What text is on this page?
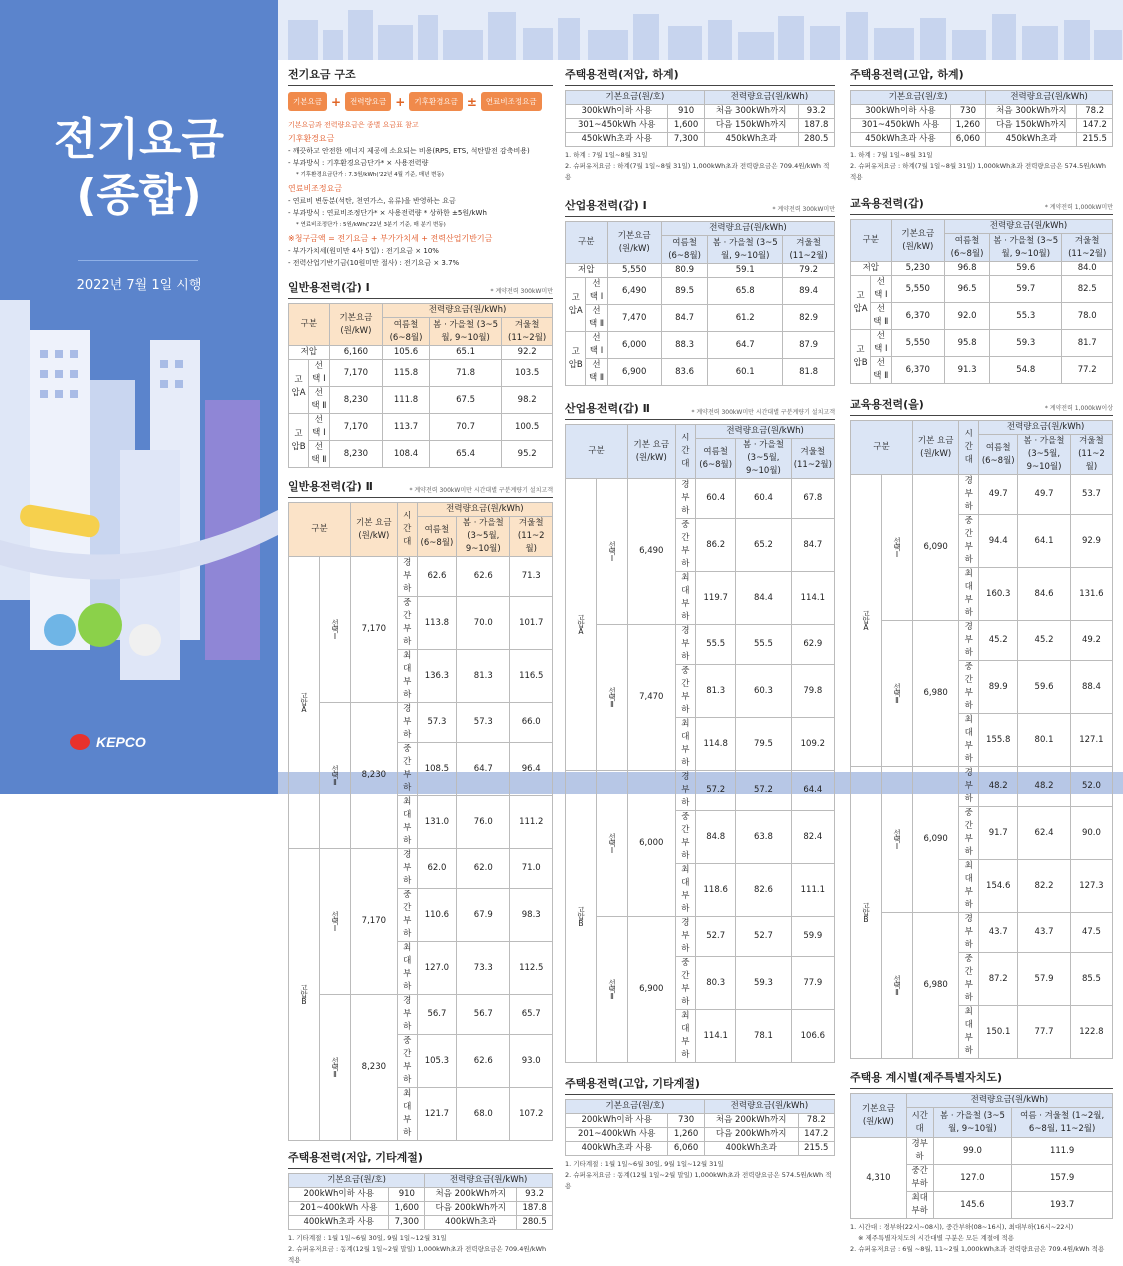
전기요금
(종합)
2022년 7월 1일 시행
KEPCO
전기요금 구조
기본요금 +	전력량요금 +	기후환경요금 ±	연료비조정요금

기본요금과 전력량요금은 종별 요금표 참고

기후환경요금

- 깨끗하고 안전한 에너지 제공에 소요되는 비용(RPS, ETS, 석탄발전 감축비용)

- 부과방식 : 기후환경요금단가* × 사용전력량

* 기후환경요금단가 : 7.3원/kWh('22년 4월 기준, 매년 변동)

연료비조정요금

- 연료비 변동분(석탄, 천연가스, 유류)을 반영하는 요금

- 부과방식 : 연료비조정단가* × 사용전력량 * 상하한 ±5원/kWh

* 연료비조정단가 : 5원/kWh('22년 3분기 기준, 매 분기 변동)

※청구금액 = 전기요금 + 부가가치세 + 전력산업기반기금

- 부가가치세(원미만 4사 5입) : 전기요금 × 10%

- 전력산업기반기금(10원미만 절사) : 전기요금 × 3.7%

일반용전력(갑) Ⅰ	* 계약전력 300kW미만
구분		기본요금 (원/kW)	전력량요금(원/kWh)		
			여름철 (6~8월)	봄 · 가을철 (3~5월, 9~10월)	겨울철 (11~2월)
저압		6,160	105.6	65.1	92.2
고압A	선택 Ⅰ	7,170	115.8	71.8	103.5
	선택 Ⅱ	8,230	111.8	67.5	98.2
고압B	선택 Ⅰ	7,170	113.7	70.7	100.5
	선택 Ⅱ	8,230	108.4	65.4	95.2
일반용전력(갑) Ⅱ	* 계약전력 300kW미만 시간대별 구분계량기 설치고객
구분		기본 요금 (원/kW)	시간대	전력량요금(원/kWh)		
				여름철 (6~8월)	봄 · 가을철 (3~5월, 9~10월)	겨울철 (11~2월)
고압A	선택Ⅰ	7,170	경부하	62.6	62.6	71.3
			중간부하	113.8	70.0	101.7
			최대부하	136.3	81.3	116.5
	선택Ⅱ	8,230	경부하	57.3	57.3	66.0
			중간부하	108.5	64.7	96.4
			최대부하	131.0	76.0	111.2
고압B	선택Ⅰ	7,170	경부하	62.0	62.0	71.0
			중간부하	110.6	67.9	98.3
			최대부하	127.0	73.3	112.5
	선택Ⅱ	8,230	경부하	56.7	56.7	65.7
			중간부하	105.3	62.6	93.0
			최대부하	121.7	68.0	107.2
주택용전력(저압, 기타계절)
기본요금(원/호)		전력량요금(원/kWh)	
200kWh이하 사용	910	처음 200kWh까지	93.2
201~400kWh 사용	1,600	다음 200kWh까지	187.8
400kWh초과 사용	7,300	400kWh초과	280.5
1. 기타계절 : 1월 1일~6월 30일, 9월 1일~12월 31일
2. 슈퍼유저요금 : 동계(12월 1일~2월 말일) 1,000kWh초과 전력량요금은 709.4원/kWh 적용
주택용전력(저압, 하계)
기본요금(원/호)		전력량요금(원/kWh)	
300kWh이하 사용	910	처음 300kWh까지	93.2
301~450kWh 사용	1,600	다음 150kWh까지	187.8
450kWh초과 사용	7,300	450kWh초과	280.5
1. 하계 : 7월 1일~8월 31일
2. 슈퍼유저요금 : 하계(7월 1일~8월 31일) 1,000kWh초과 전력량요금은 709.4원/kWh 적용
산업용전력(갑) Ⅰ	* 계약전력 300kW미만
구분		기본요금 (원/kW)	전력량요금(원/kWh)		
			여름철 (6~8월)	봄 · 가을철 (3~5월, 9~10월)	겨울철 (11~2월)
저압		5,550	80.9	59.1	79.2
고압A	선택 Ⅰ	6,490	89.5	65.8	89.4
	선택 Ⅱ	7,470	84.7	61.2	82.9
고압B	선택 Ⅰ	6,000	88.3	64.7	87.9
	선택 Ⅱ	6,900	83.6	60.1	81.8
산업용전력(갑) Ⅱ	* 계약전력 300kW미만 시간대별 구분계량기 설치고객
구분		기본 요금 (원/kW)	시간대	전력량요금(원/kWh)		
				여름철 (6~8월)	봄 · 가을철 (3~5월, 9~10월)	겨울철 (11~2월)
고압A	선택Ⅰ	6,490	경부하	60.4	60.4	67.8
			중간부하	86.2	65.2	84.7
			최대부하	119.7	84.4	114.1
	선택Ⅱ	7,470	경부하	55.5	55.5	62.9
			중간부하	81.3	60.3	79.8
			최대부하	114.8	79.5	109.2
고압B	선택Ⅰ	6,000	경부하	57.2	57.2	64.4
			중간부하	84.8	63.8	82.4
			최대부하	118.6	82.6	111.1
	선택Ⅱ	6,900	경부하	52.7	52.7	59.9
			중간부하	80.3	59.3	77.9
			최대부하	114.1	78.1	106.6
주택용전력(고압, 기타계절)
기본요금(원/호)		전력량요금(원/kWh)	
200kWh이하 사용	730	처음 200kWh까지	78.2
201~400kWh 사용	1,260	다음 200kWh까지	147.2
400kWh초과 사용	6,060	400kWh초과	215.5
1. 기타계절 : 1월 1일~6월 30일, 9월 1일~12월 31일
2. 슈퍼유저요금 : 동계(12월 1일~2월 말일) 1,000kWh초과 전력량요금은 574.5원/kWh 적용
주택용전력(고압, 하계)
기본요금(원/호)		전력량요금(원/kWh)	
300kWh이하 사용	730	처음 300kWh까지	78.2
301~450kWh 사용	1,260	다음 150kWh까지	147.2
450kWh초과 사용	6,060	450kWh초과	215.5
1. 하계 : 7월 1일~8월 31일
2. 슈퍼유저요금 : 하계(7월 1일~8월 31일) 1,000kWh초과 전력량요금은 574.5원/kWh 적용
교육용전력(갑)	* 계약전력 1,000kW미만
구분		기본요금 (원/kW)	전력량요금(원/kWh)		
			여름철 (6~8월)	봄 · 가을철 (3~5월, 9~10월)	겨울철 (11~2월)
저압		5,230	96.8	59.6	84.0
고압A	선택 Ⅰ	5,550	96.5	59.7	82.5
	선택 Ⅱ	6,370	92.0	55.3	78.0
고압B	선택 Ⅰ	5,550	95.8	59.3	81.7
	선택 Ⅱ	6,370	91.3	54.8	77.2
교육용전력(을)	* 계약전력 1,000kW이상
구분		기본 요금 (원/kW)	시간대	전력량요금(원/kWh)		
				여름철 (6~8월)	봄 · 가을철 (3~5월, 9~10월)	겨울철 (11~2월)
고압A	선택Ⅰ	6,090	경부하	49.7	49.7	53.7
			중간부하	94.4	64.1	92.9
			최대부하	160.3	84.6	131.6
	선택Ⅱ	6,980	경부하	45.2	45.2	49.2
			중간부하	89.9	59.6	88.4
			최대부하	155.8	80.1	127.1
고압B	선택Ⅰ	6,090	경부하	48.2	48.2	52.0
			중간부하	91.7	62.4	90.0
			최대부하	154.6	82.2	127.3
	선택Ⅱ	6,980	경부하	43.7	43.7	47.5
			중간부하	87.2	57.9	85.5
			최대부하	150.1	77.7	122.8
주택용 계시별(제주특별자치도)
기본요금 (원/kW)	전력량요금(원/kWh)		
	시간대	봄 · 가을철 (3~5월, 9~10월)	여름 · 겨울철 (1~2월, 6~8월, 11~2월)
4,310	경부하	99.0	111.9
	중간부하	127.0	157.9
	최대부하	145.6	193.7
1. 시간대 : 경부하(22시~08시), 중간부하(08~16시), 최대부하(16시~22시)
※ 제주특별자치도의 시간대별 구분은 모든 계절에 적용
2. 슈퍼유저요금 : 6월 ~8월, 11~2월 1,000kWh초과 전력량요금은 709.4원/kWh 적용
